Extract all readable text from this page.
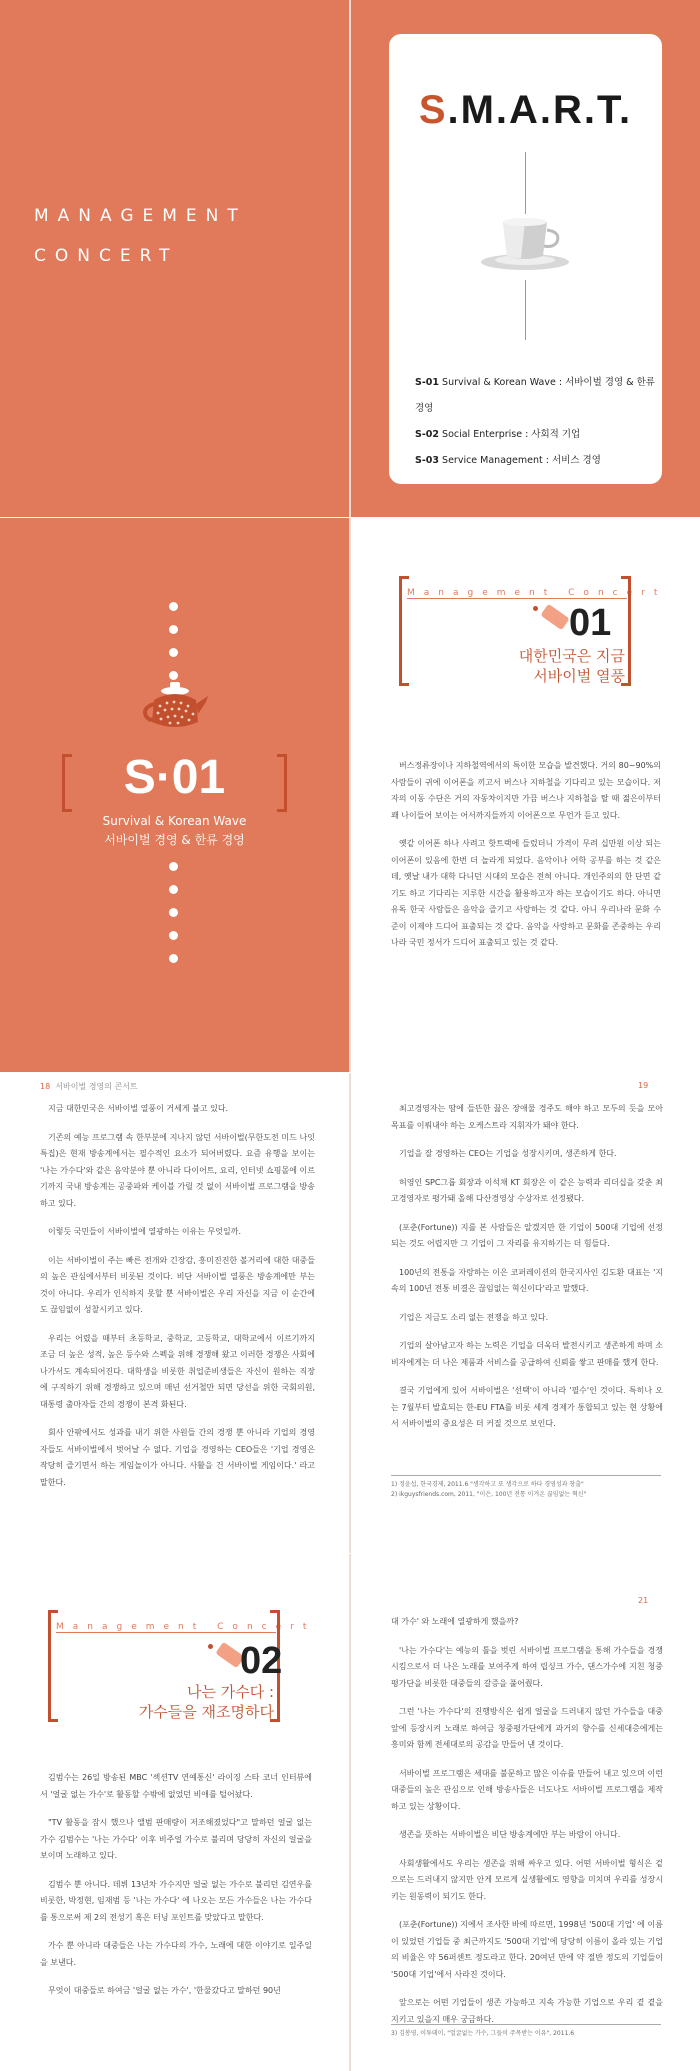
MANAGEMENT
CONCERT
S.M.A.R.T.
S-01 Survival & Korean Wave : 서바이벌 경영 & 한류 경영
S-02 Social Enterprise : 사회적 기업
S-03 Service Management : 서비스 경영
S·01
Survival & Korean Wave
서바이벌 경영 & 한류 경영
Management Concert
01
대한민국은 지금
서바이벌 열풍

버스정류장이나 지하철역에서의 특이한 모습을 발견했다. 거의 80~90%의 사람들이 귀에 이어폰을 끼고서 버스나 지하철을 기다리고 있는 모습이다. 저자의 이동 수단은 거의 자동차이지만 가끔 버스나 지하철을 탈 때 젊은이부터 꽤 나이들어 보이는 어서까지들까지 이어폰으로 무언가 듣고 있다.

옛같 이어폰 하나 사려고 핫트랙에 들렀더니 가격이 무려 십만원 이상 되는 이어폰이 있음에 한번 더 놀라게 되었다. 음악이나 어학 공부를 하는 것 같은데, 옛날 내가 대학 다니던 시대의 모습은 전혀 아니다. 개인주의의 한 단면 같기도 하고 기다리는 지루한 시간을 활용하고자 하는 모습이기도 하다. 아니면 유독 한국 사람들은 음악을 즐기고 사랑하는 것 같다. 아니 우리나라 문화 수준이 이제야 드디어 표출되는 것 같다. 음악을 사랑하고 문화를 존중하는 우리나라 국민 정서가 드디어 표출되고 있는 것 같다.

18 서바이벌 경영의 콘서트

지금 대한민국은 서바이벌 열풍이 거세게 불고 있다.

기존의 예능 프로그램 속 한부분에 지나지 않던 서바이벌(무한도전 미드 나잇 특집)은 현재 방송계에서는 필수적인 요소가 되어버렸다. 요즘 유행을 보이는 '나는 가수다'와 같은 음악분야 뿐 아니라 다이어트, 요리, 인터넷 쇼핑몰에 이르기까지 국내 방송계는 공중파와 케이블 가릴 것 없이 서바이벌 프로그램을 방송하고 있다.

이렇듯 국민들이 서바이벌에 열광하는 이유는 무엇일까.

이는 서바이벌이 주는 빠른 전개와 긴장감, 흥미진진한 볼거리에 대한 대중들의 높은 관심에서부터 비롯된 것이다. 비단 서바이벌 열풍은 방송계에만 부는 것이 아니다. 우리가 인식하지 못할 뿐 서바이벌은 우리 자신을 지금 이 순간에도 끊임없이 성찰시키고 있다.

우리는 어렸을 때부터 초등학교, 중학교, 고등학교, 대학교에서 이르기까지 조금 더 높은 성적, 높은 등수와 스펙을 위해 경쟁해 왔고 이러한 경쟁은 사회에 나가서도 계속되어진다. 대학생을 비롯한 취업준비생들은 자신이 원하는 직장에 구직하기 위해 경쟁하고 있으며 매년 선거철만 되면 당선을 위한 국회의원, 대통령 출마자들 간의 경쟁이 본격 화된다.

회사 안팎에서도 성과를 내기 위한 사원들 간의 경쟁 뿐 아니라 기업의 경영자들도 서바이벌에서 벗어날 수 없다. 기업을 경영하는 CEO들은 '기업 경영은 작당히 즐기면서 하는 게임놀이가 아니다. 사활을 건 서바이벌 게임이다.' 라고 말한다.

19

최고경영자는 땀에 들뜬한 끓은 장애물 경주도 해야 하고 모두의 듯을 모아 목표를 이뤄내야 하는 오케스트라 지휘자가 돼야 한다.

기업을 잘 경영하는 CEO는 기업을 성장시키며, 생존하게 한다.

허영인 SPC그룹 회장과 이석채 KT 회장은 이 같은 능력과 리더십을 갖춘 최고경영자로 평가돼 올해 다산경영상 수상자로 선정됐다.

(포춘(Fortune)) 지를 본 사람들은 알겠지만 한 기업이 500대 기업에 선정되는 것도 어렵지만 그 기업이 그 자리를 유지하기는 더 힘들다.

100년의 전통을 자랑하는 이은 코퍼레이션의 한국지사인 김도환 대표는 '지속의 100년 전통 비결은 끊임없는 혁신이다'라고 말했다.

기업은 지금도 소리 없는 전쟁을 하고 있다.

기업의 살아남고자 하는 노력은 기업을 더욱더 발전시키고 생존하게 하며 소비자에게는 더 나은 제품과 서비스를 공급하여 신뢰를 쌓고 판매를 했게 한다.

결국 기업에게 있어 서바이벌은 '선택'이 아니라 '필수'인 것이다. 특히나 오는 7월부터 발효되는 한-EU FTA를 비롯 세계 경제가 통합되고 있는 현 상황에서 서바이벌의 중요성은 더 커질 것으로 보인다.

1) 정윤섭, 한국경제, 2011.6 "생각하고 또 생각으로 하다 경영성과 창출"
2) ikguysfriends.com, 2011, "이은, 100년 전통 이겨온 끊임없는 혁신"
Management Concert
02
나는 가수다 :
가수들을 재조명하다

김범수는 26일 방송된 MBC '섹션TV 연예통신' 라이징 스타 코너 인터뷰에서 '얼굴 없는 가수'로 활동할 수밖에 없었던 비애를 털어놨다.

"TV 활동을 잠시 했으나 앨범 판매량이 저조해졌었다"고 말하던 얼굴 없는 가수 김범수는 '나는 가수다' 이후 비주얼 가수로 불리며 당당히 자신의 얼굴을 보이며 노래하고 있다.

김범수 뿐 아니다. 데뷔 13년차 가수지만 얼굴 없는 가수로 불리던 김연우를 비롯한, 박정현, 임재범 등 '나는 가수다' 에 나오는 모든 가수들은 나는 가수다를 통으로써 제 2의 전성기 혹은 터닝 포인트를 맞았다고 말한다.

가수 뿐 아니라 대중들은 나는 가수다의 가수, 노래에 대한 이야기로 일주일을 보낸다.

무엇이 대중들로 하여금 '얼굴 없는 가수', '한물갔다고 말하던 90년

21

대 가수' 와 노래에 열광하게 했을까?

'나는 가수다'는 예능의 틀을 벗린 서바이벌 프로그램을 통해 가수들을 경쟁시킴으로서 더 나은 노래를 보여주게 하여 립싱크 가수, 댄스가수에 지친 청중평가단을 비롯한 대중들의 갈증을 풀어줬다.

그런 '나는 가수다'의 진행방식은 쉽게 얼굴을 드러내지 않던 가수들을 대중 앞에 등장시켜 노래로 하여금 청중평가단에게 과거의 향수를 신세대층에게는 흥미와 함께 전세대로의 공감을 만들어 낸 것이다.

서바이벌 프로그램은 세대를 불문하고 많은 이슈를 만들어 내고 있으며 이런 대중들의 높은 관심으로 인해 방송사들은 너도나도 서바이벌 프로그램을 제작하고 있는 상황이다.

생존을 뜻하는 서바이벌은 비단 방송계에만 부는 바람이 아니다.

사회생활에서도 우리는 생존을 위해 싸우고 있다. 어떤 서바이벌 형식은 겉으로는 드러내지 않지만 안게 모르게 실생활에도 영향을 미치며 우리를 성장시키는 원동력이 되기도 한다.

(포춘(Fortune)) 지에서 조사한 바에 따르면, 1998년 '500대 기업' 에 이름이 있었던 기업들 중 최근까지도 '500대 기업'에 당당히 이름이 올라 있는 기업의 비율은 약 56퍼센트 정도라고 한다. 20여년 만에 약 절반 정도의 기업들이 '500대 기업'에서 사라진 것이다.

앞으로는 어떤 기업들이 생존 가능하고 지속 가능한 기업으로 우리 곁 곁을 지키고 있을지 매우 궁금하다.

3) 김봉영, 이투데이, "얼굴없는 가수, 그들이 주목받는 이유", 2011.6
